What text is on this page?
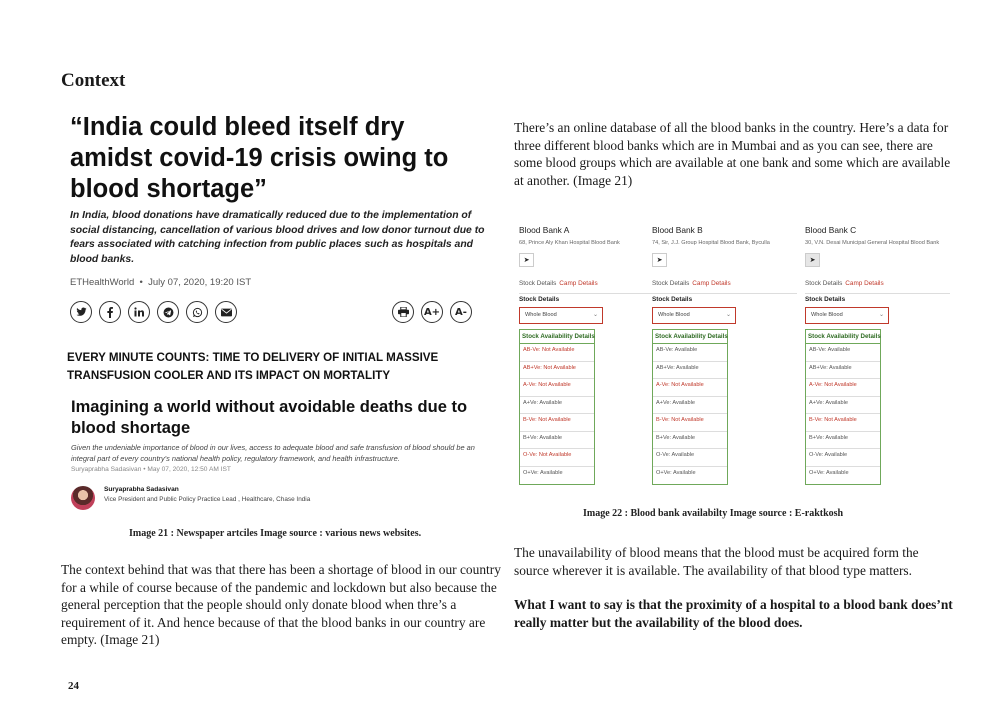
Context
“India could bleed itself dry amidst covid-19 crisis owing to blood shortage”
In India, blood donations have dramatically reduced due to the implementation of social distancing, cancellation of various blood drives and low donor turnout due to fears associated with catching infection from public places such as hospitals and blood banks.
ETHealthWorld  •  July 07, 2020, 19:20 IST
A+	A-
EVERY MINUTE COUNTS: TIME TO DELIVERY OF INITIAL MASSIVE TRANSFUSION COOLER AND ITS IMPACT ON MORTALITY
Imagining a world without avoidable deaths due to blood shortage
Given the undeniable importance of blood in our lives, access to adequate blood and safe transfusion of blood should be an integral part of every country’s national health policy, regulatory framework, and health infrastructure.
Suryaprabha Sadasivan • May 07, 2020, 12:50 AM IST
Suryaprabha Sadasivan
Vice President and Public Policy Practice Lead , Healthcare, Chase India
Image 21 : Newspaper artciles Image source : various news websites.
The context behind that was that there has been a shortage of blood in our country for a while of course because of the pandemic and lockdown but also because the general perception that the people should only donate blood when thre’s a requirement of it. And hence because of that the blood banks in our country are empty. (Image 21)
There’s an online database of all the blood banks in the country. Here’s a data for three different blood banks which are in Mumbai and as you can see, there are some blood groups which are available at one bank and some which are available at another. (Image 21)
Blood Bank A
68, Prince Aly Khan Hospital Blood Bank
➤
Stock Details Camp Details
Stock Details
Whole Blood	⌄
Stock Availability Details
AB-Ve: Not Available
AB+Ve: Not Available
A-Ve: Not Available
A+Ve: Available
B-Ve: Not Available
B+Ve: Available
O-Ve: Not Available
O+Ve: Available
Blood Bank B
74, Sir, J.J. Group Hospital Blood Bank, Byculla
➤
Stock Details Camp Details
Stock Details
Whole Blood	⌄
Stock Availability Details
AB-Ve: Available
AB+Ve: Available
A-Ve: Not Available
A+Ve: Available
B-Ve: Not Available
B+Ve: Available
O-Ve: Available
O+Ve: Available
Blood Bank C
30, V.N. Desai Municipal General Hospital Blood Bank
➤
Stock Details Camp Details
Stock Details
Whole Blood	⌄
Stock Availability Details
AB-Ve: Available
AB+Ve: Available
A-Ve: Not Available
A+Ve: Available
B-Ve: Not Available
B+Ve: Available
O-Ve: Available
O+Ve: Available
Image 22 : Blood bank availabilty Image source : E-raktkosh
The unavailability of blood means that the blood must be acquired form the source wherever it is available. The availability of that blood type matters.
What I want to say is that the proximity of a hospital to a blood bank does’nt really matter but the availability of the blood does.
24
